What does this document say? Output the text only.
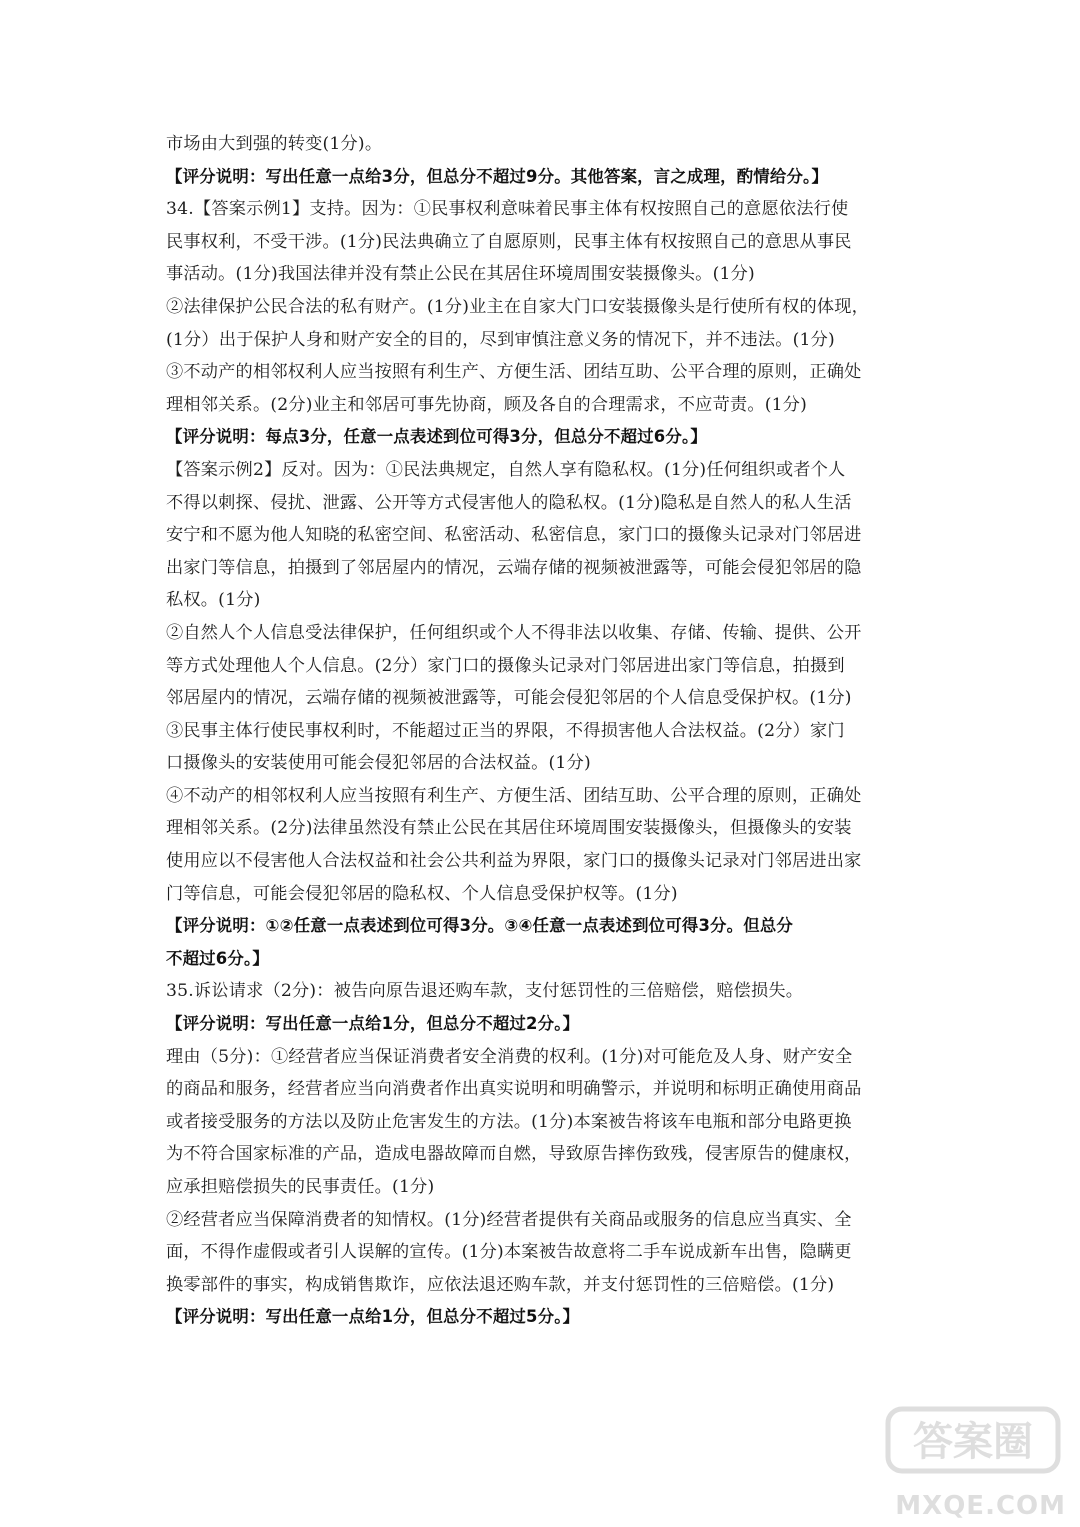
市场由大到强的转变(1分)。
【评分说明：写出任意一点给3分，但总分不超过9分。其他答案，言之成理，酌情给分。】
34.【答案示例1】支持。因为：①民事权利意味着民事主体有权按照自己的意愿依法行使
民事权利，不受干涉。(1分)民法典确立了自愿原则，民事主体有权按照自己的意思从事民
事活动。(1分)我国法律并没有禁止公民在其居住环境周围安装摄像头。(1分)
②法律保护公民合法的私有财产。(1分)业主在自家大门口安装摄像头是行使所有权的体现，
(1分）出于保护人身和财产安全的目的，尽到审慎注意义务的情况下，并不违法。(1分)
③不动产的相邻权利人应当按照有利生产、方便生活、团结互助、公平合理的原则，正确处
理相邻关系。(2分)业主和邻居可事先协商，顾及各自的合理需求，不应苛责。(1分)
【评分说明：每点3分，任意一点表述到位可得3分，但总分不超过6分。】
【答案示例2】反对。因为：①民法典规定，自然人享有隐私权。(1分)任何组织或者个人
不得以刺探、侵扰、泄露、公开等方式侵害他人的隐私权。(1分)隐私是自然人的私人生活
安宁和不愿为他人知晓的私密空间、私密活动、私密信息，家门口的摄像头记录对门邻居进
出家门等信息，拍摄到了邻居屋内的情况，云端存储的视频被泄露等，可能会侵犯邻居的隐
私权。(1分)
②自然人个人信息受法律保护，任何组织或个人不得非法以收集、存储、传输、提供、公开
等方式处理他人个人信息。(2分）家门口的摄像头记录对门邻居进出家门等信息，拍摄到
邻居屋内的情况，云端存储的视频被泄露等，可能会侵犯邻居的个人信息受保护权。(1分)
③民事主体行使民事权利时，不能超过正当的界限，不得损害他人合法权益。(2分）家门
口摄像头的安装使用可能会侵犯邻居的合法权益。(1分)
④不动产的相邻权利人应当按照有利生产、方便生活、团结互助、公平合理的原则，正确处
理相邻关系。(2分)法律虽然没有禁止公民在其居住环境周围安装摄像头，但摄像头的安装
使用应以不侵害他人合法权益和社会公共利益为界限，家门口的摄像头记录对门邻居进出家
门等信息，可能会侵犯邻居的隐私权、个人信息受保护权等。(1分)
【评分说明：①②任意一点表述到位可得3分。③④任意一点表述到位可得3分。但总分
不超过6分。】
35.诉讼请求（2分)：被告向原告退还购车款，支付惩罚性的三倍赔偿，赔偿损失。
【评分说明：写出任意一点给1分，但总分不超过2分。】
理由（5分)：①经营者应当保证消费者安全消费的权利。(1分)对可能危及人身、财产安全
的商品和服务，经营者应当向消费者作出真实说明和明确警示，并说明和标明正确使用商品
或者接受服务的方法以及防止危害发生的方法。(1分)本案被告将该车电瓶和部分电路更换
为不符合国家标准的产品，造成电器故障而自燃，导致原告摔伤致残，侵害原告的健康权，
应承担赔偿损失的民事责任。(1分)
②经营者应当保障消费者的知情权。(1分)经营者提供有关商品或服务的信息应当真实、全
面，不得作虚假或者引人误解的宣传。(1分)本案被告故意将二手车说成新车出售，隐瞒更
换零部件的事实，构成销售欺诈，应依法退还购车款，并支付惩罚性的三倍赔偿。(1分)
【评分说明：写出任意一点给1分，但总分不超过5分。】
答案圈
MXQE.COM
